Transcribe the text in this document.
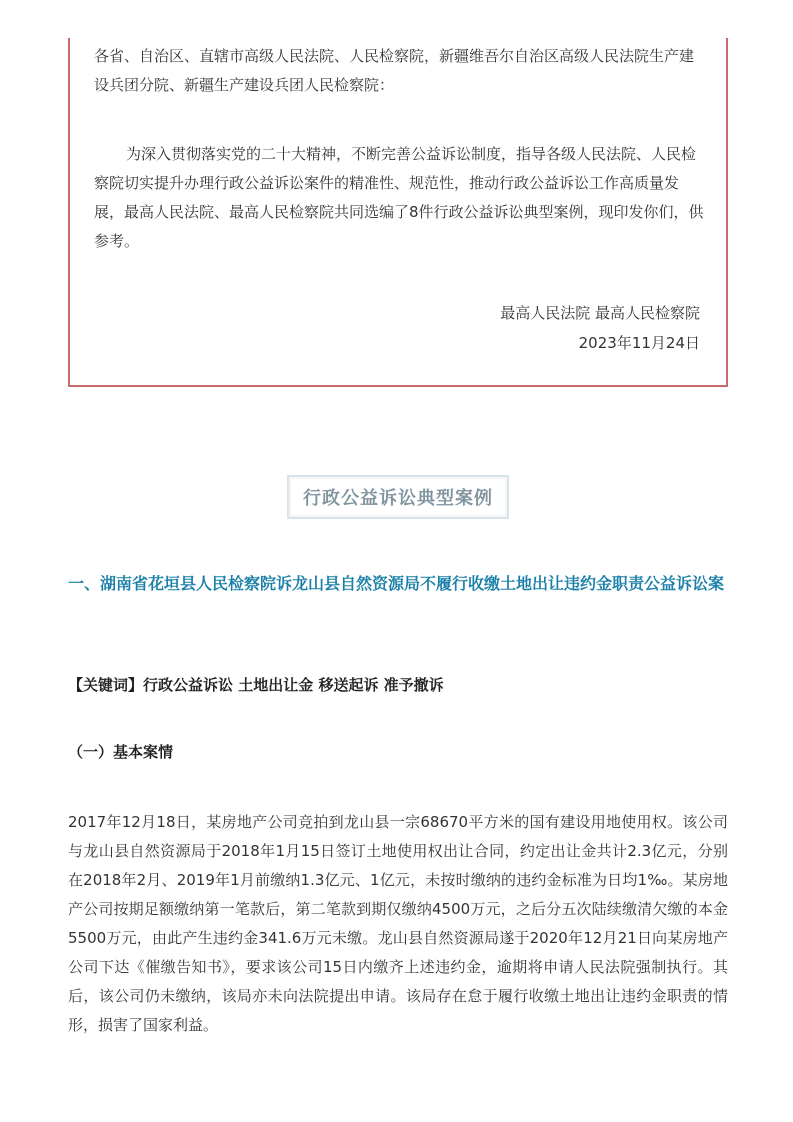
各省、自治区、直辖市高级人民法院、人民检察院，新疆维吾尔自治区高级人民法院生产建设兵团分院、新疆生产建设兵团人民检察院：

为深入贯彻落实党的二十大精神，不断完善公益诉讼制度，指导各级人民法院、人民检察院切实提升办理行政公益诉讼案件的精准性、规范性，推动行政公益诉讼工作高质量发展，最高人民法院、最高人民检察院共同选编了8件行政公益诉讼典型案例，现印发你们，供参考。

最高人民法院 最高人民检察院

2023年11月24日

行政公益诉讼典型案例
一、湖南省花垣县人民检察院诉龙山县自然资源局不履行收缴土地出让违约金职责公益诉讼案

【关键词】行政公益诉讼 土地出让金 移送起诉 准予撤诉

（一）基本案情

2017年12月18日，某房地产公司竞拍到龙山县一宗68670平方米的国有建设用地使用权。该公司与龙山县自然资源局于2018年1月15日签订土地使用权出让合同，约定出让金共计2.3亿元，分别在2018年2月、2019年1月前缴纳1.3亿元、1亿元，未按时缴纳的违约金标准为日均1‰。某房地产公司按期足额缴纳第一笔款后，第二笔款到期仅缴纳4500万元，之后分五次陆续缴清欠缴的本金5500万元，由此产生违约金341.6万元未缴。龙山县自然资源局遂于2020年12月21日向某房地产公司下达《催缴告知书》，要求该公司15日内缴齐上述违约金，逾期将申请人民法院强制执行。其后，该公司仍未缴纳，该局亦未向法院提出申请。该局存在怠于履行收缴土地出让违约金职责的情形，损害了国家利益。
